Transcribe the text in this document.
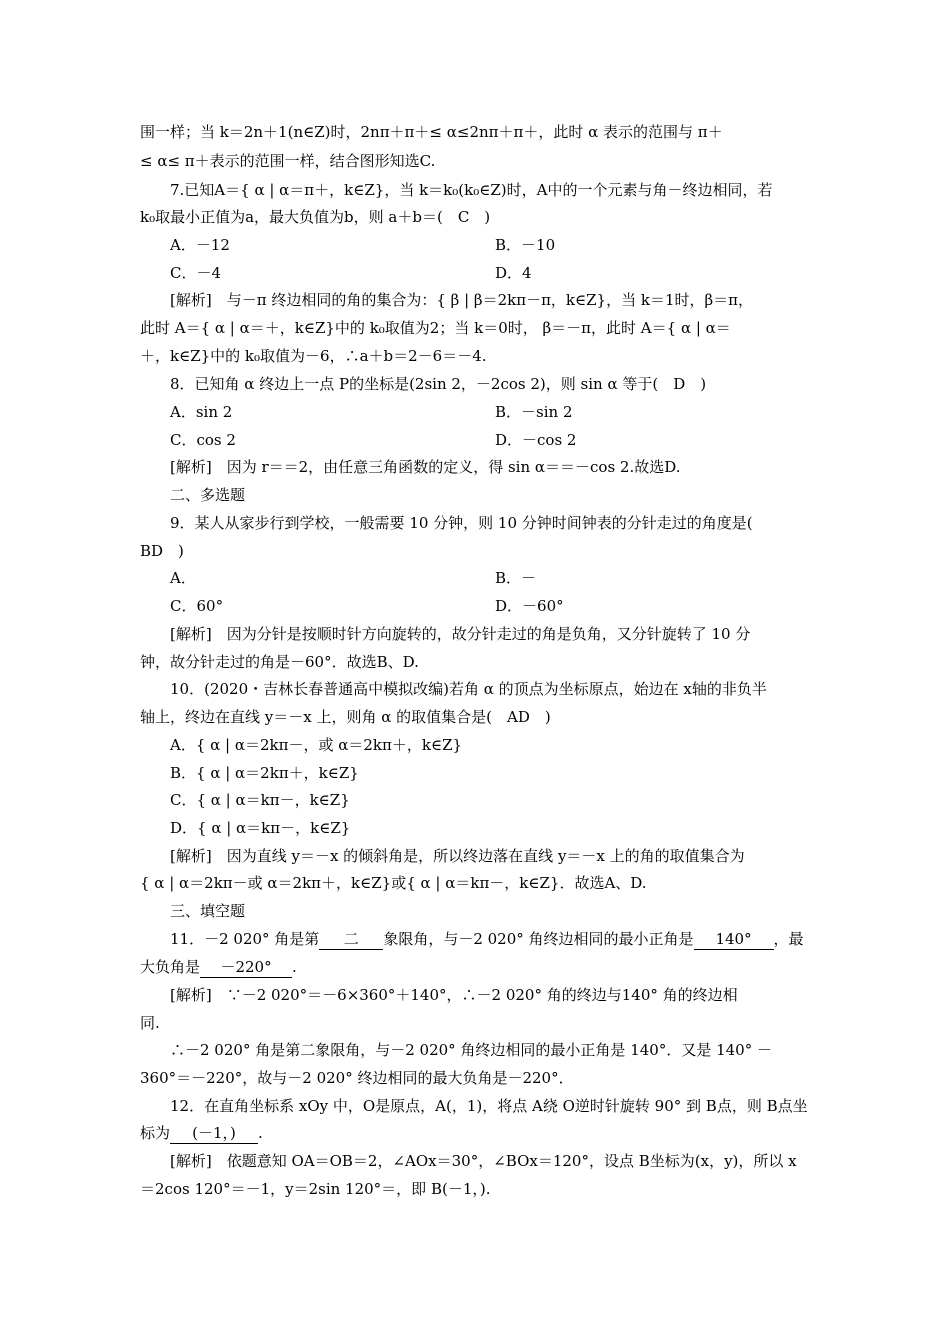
围一样；当 k＝2n＋1(n∈Z)时，2nπ＋π＋≤ α≤2nπ＋π＋，此时 α 表示的范围与 π＋
≤ α≤ π＋表示的范围一样，结合图形知选C.
7.已知A＝{ α | α＝π＋，k∈Z}，当 k＝k₀(k₀∈Z)时，A中的一个元素与角－终边相同，若
k₀取最小正值为a，最大负值为b，则 a＋b＝(　C　)
A．－12	B．－10
C．－4	D．4
[解析]　与－π 终边相同的角的集合为：{ β | β＝2kπ－π，k∈Z}，当 k＝1时，β＝π，
此时 A＝{ α | α＝＋，k∈Z}中的 k₀取值为2；当 k＝0时， β＝－π，此时 A＝{ α | α＝
＋，k∈Z}中的 k₀取值为－6，∴a＋b＝2－6＝－4.
8．已知角 α 终边上一点 P的坐标是(2sin 2，－2cos 2)，则 sin α 等于(　D　)
A．sin 2	B．－sin 2
C．cos 2	D．－cos 2
[解析]　因为 r＝＝2，由任意三角函数的定义，得 sin α＝＝－cos 2.故选D.
二、多选题
9．某人从家步行到学校，一般需要 10 分钟，则 10 分钟时间钟表的分针走过的角度是(
BD　)
A．	B．－
C．60°	D．－60°
[解析]　因为分针是按顺时针方向旋转的，故分针走过的角是负角，又分针旋转了 10 分
钟，故分针走过的角是－60°．故选B、D.
10．(2020・吉林长春普通高中模拟改编)若角 α 的顶点为坐标原点，始边在 x轴的非负半
轴上，终边在直线 y＝－x 上，则角 α 的取值集合是(　AD　)
A．{ α | α＝2kπ－，或 α＝2kπ＋，k∈Z}
B．{ α | α＝2kπ＋，k∈Z}
C．{ α | α＝kπ－，k∈Z}
D．{ α | α＝kπ－，k∈Z}
[解析]　因为直线 y＝－x 的倾斜角是，所以终边落在直线 y＝－x 上的角的取值集合为
{ α | α＝2kπ－或 α＝2kπ＋，k∈Z}或{ α | α＝kπ－，k∈Z}．故选A、D.
三、填空题
11．－2 020° 角是第 二 象限角，与－2 020° 角终边相同的最小正角是 140° ，最
大负角是 －220° .
[解析]　∵－2 020°＝－6×360°＋140°，∴－2 020° 角的终边与140° 角的终边相
同.
∴－2 020° 角是第二象限角，与－2 020° 角终边相同的最小正角是 140°．又是 140° －
360°＝－220°，故与－2 020° 终边相同的最大负角是－220°．
12．在直角坐标系 xOy 中，O是原点，A(，1)，将点 A绕 O逆时针旋转 90° 到 B点，则 B点坐
标为 (－1，) .
[解析]　依题意知 OA＝OB＝2，∠AOx＝30°，∠BOx＝120°，设点 B坐标为(x，y)，所以 x
＝2cos 120°＝－1，y＝2sin 120°＝，即 B(－1，).
